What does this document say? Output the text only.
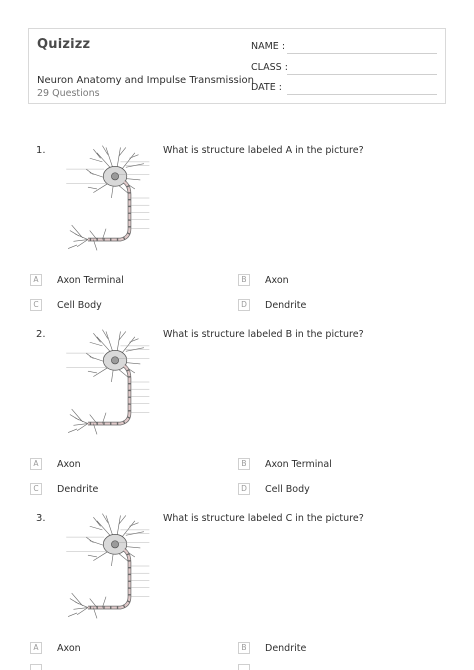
Quizizz
Neuron Anatomy and Impulse Transmission
29 Questions
NAME :
CLASS :
DATE :
1.	What is structure labeled A in the picture?
A	Axon Terminal	B	Axon
C	Cell Body	D	Dendrite
2.	What is structure labeled B in the picture?
A	Axon	B	Axon Terminal
C	Dendrite	D	Cell Body
3.	What is structure labeled C in the picture?
A	Axon	B	Dendrite
